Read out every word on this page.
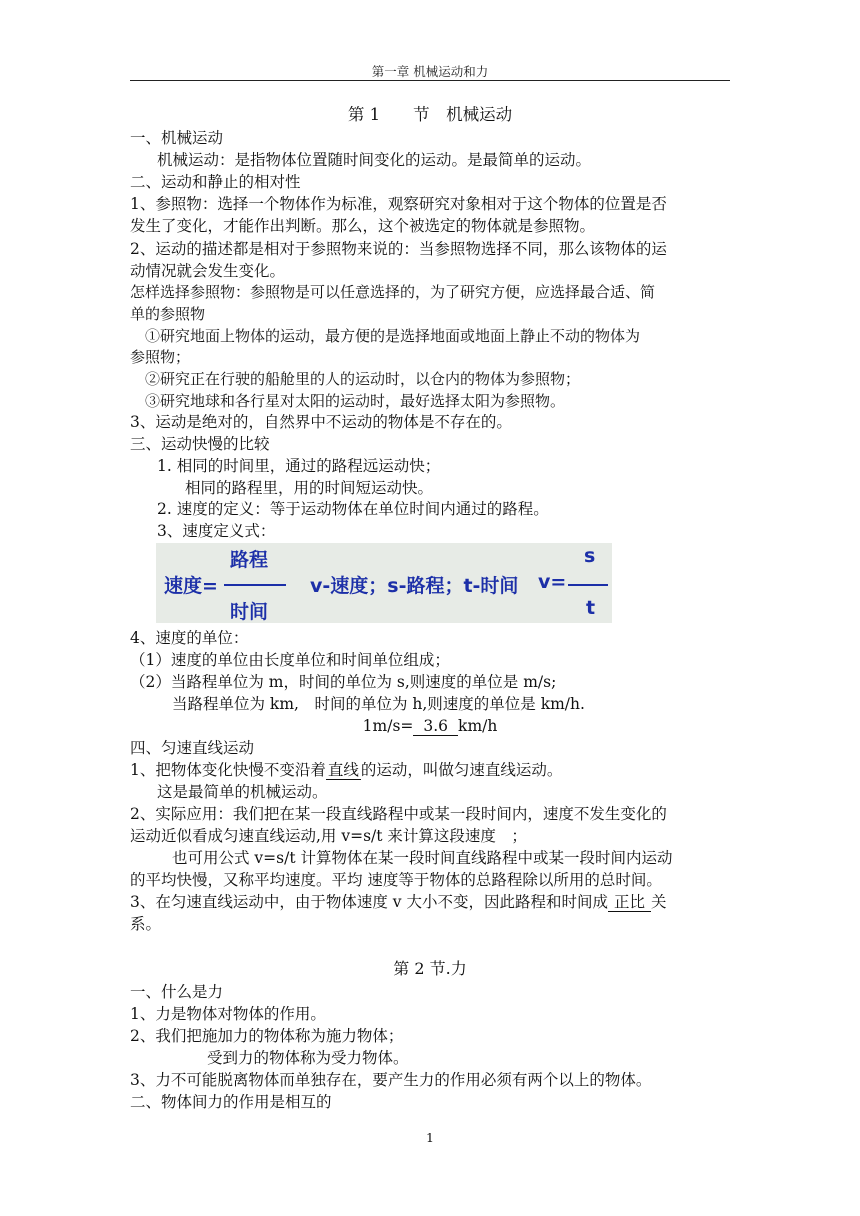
第一章 机械运动和力
第 1　　节　机械运动
一、机械运动
机械运动：是指物体位置随时间变化的运动。是最简单的运动。
二、运动和静止的相对性
1、参照物：选择一个物体作为标准，观察研究对象相对于这个物体的位置是否
发生了变化，才能作出判断。那么，这个被选定的物体就是参照物。
2、运动的描述都是相对于参照物来说的：当参照物选择不同，那么该物体的运
动情况就会发生变化。
怎样选择参照物：参照物是可以任意选择的，为了研究方便，应选择最合适、简
单的参照物
①研究地面上物体的运动，最方便的是选择地面或地面上静止不动的物体为
参照物；
②研究正在行驶的船舱里的人的运动时，以仓内的物体为参照物；
③研究地球和各行星对太阳的运动时，最好选择太阳为参照物。
3、运动是绝对的，自然界中不运动的物体是不存在的。
三、运动快慢的比较
1. 相同的时间里，通过的路程远运动快；
相同的路程里，用的时间短运动快。
2. 速度的定义：等于运动物体在单位时间内通过的路程。
3、速度定义式：
路程
速度=
时间
v-速度；s-路程；t-时间 v=
s
t
4、速度的单位：
（1）速度的单位由长度单位和时间单位组成；
（2）当路程单位为 m，时间的单位为 s,则速度的单位是 m/s;
当路程单位为 km,　时间的单位为 h,则速度的单位是 km/h.
1m/s= 3.6 km/h
四、匀速直线运动
1、把物体变化快慢不变沿着 直线 的运动，叫做匀速直线运动。
这是最简单的机械运动。
2、实际应用：我们把在某一段直线路程中或某一段时间内，速度不发生变化的
运动近似看成匀速直线运动,用 v=s/t 来计算这段速度　；
也可用公式 v=s/t 计算物体在某一段时间直线路程中或某一段时间内运动
的平均快慢，又称平均速度。平均 速度等于物体的总路程除以所用的总时间。
3、在匀速直线运动中，由于物体速度 v 大小不变，因此路程和时间成 正比 关
系。
第 2 节.力
一、什么是力
1、力是物体对物体的作用。
2、我们把施加力的物体称为施力物体；
受到力的物体称为受力物体。
3、力不可能脱离物体而单独存在，要产生力的作用必须有两个以上的物体。
二、物体间力的作用是相互的
1
